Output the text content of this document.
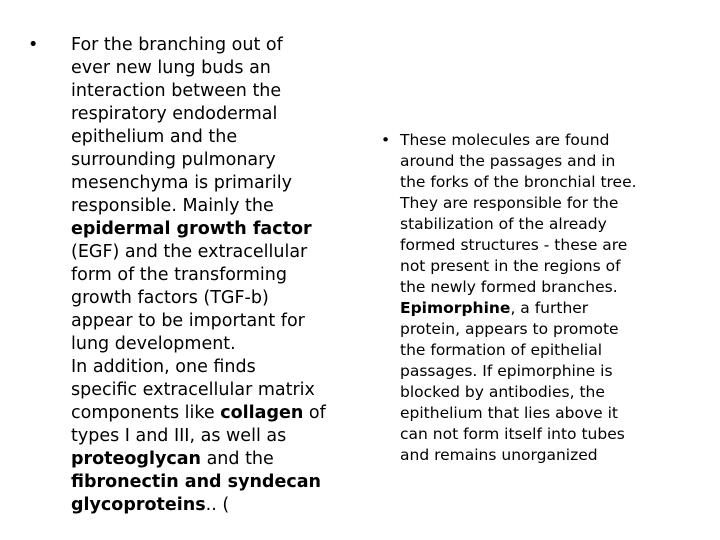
• For the branching out of
ever new lung buds an
interaction between the
respiratory endodermal
epithelium and the
surrounding pulmonary
mesenchyma is primarily
responsible. Mainly the
epidermal growth factor
(EGF) and the extracellular
form of the transforming
growth factors (TGF-b)
appear to be important for
lung development.
In addition, one finds
specific extracellular matrix
components like collagen of
types I and III, as well as
proteoglycan and the
fibronectin and syndecan
glycoproteins.. (
• These molecules are found
around the passages and in
the forks of the bronchial tree.
They are responsible for the
stabilization of the already
formed structures - these are
not present in the regions of
the newly formed branches.
Epimorphine, a further
protein, appears to promote
the formation of epithelial
passages. If epimorphine is
blocked by antibodies, the
epithelium that lies above it
can not form itself into tubes
and remains unorganized
